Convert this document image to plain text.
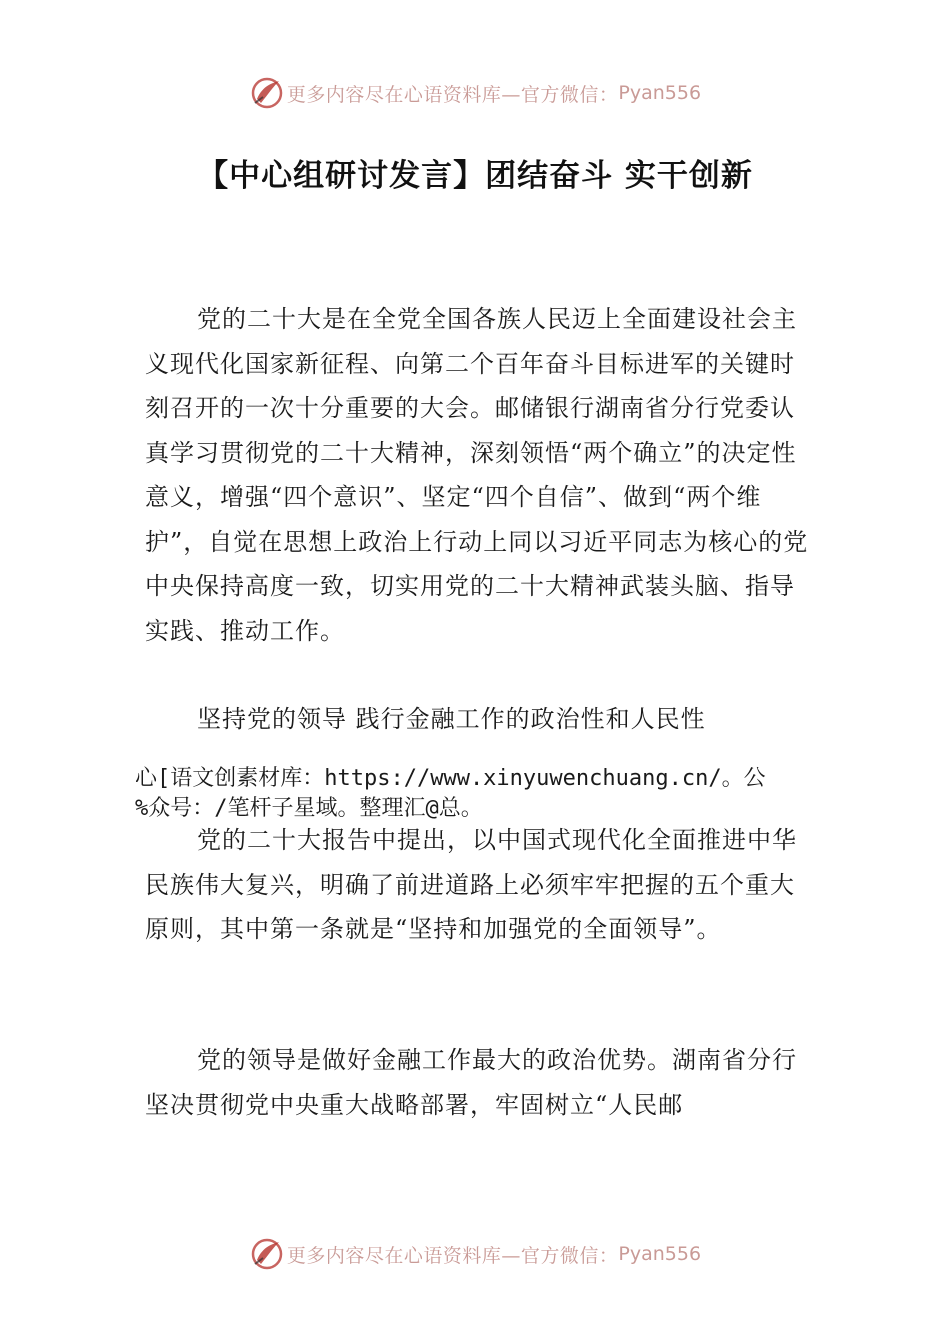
更多内容尽在心语资料库—官方微信： Pyan556
【中心组研讨发言】团结奋斗 实干创新

党的二十大是在全党全国各族人民迈上全面建设社会主义现代化国家新征程、向第二个百年奋斗目标进军的关键时刻召开的一次十分重要的大会。邮储银行湖南省分行党委认真学习贯彻党的二十大精神，深刻领悟“两个确立”的决定性意义，增强“四个意识”、坚定“四个自信”、做到“两个维护”，自觉在思想上政治上行动上同以习近平同志为核心的党中央保持高度一致，切实用党的二十大精神武装头脑、指导实践、推动工作。

坚持党的领导 践行金融工作的政治性和人民性

心[语文创素材库：https://www.xinyuwenchuang.cn/。公

%众号：/笔杆子星域。整理汇@总。

党的二十大报告中提出，以中国式现代化全面推进中华民族伟大复兴，明确了前进道路上必须牢牢把握的五个重大原则，其中第一条就是“坚持和加强党的全面领导”。

党的领导是做好金融工作最大的政治优势。湖南省分行坚决贯彻党中央重大战略部署，牢固树立“人民邮

更多内容尽在心语资料库—官方微信： Pyan556
